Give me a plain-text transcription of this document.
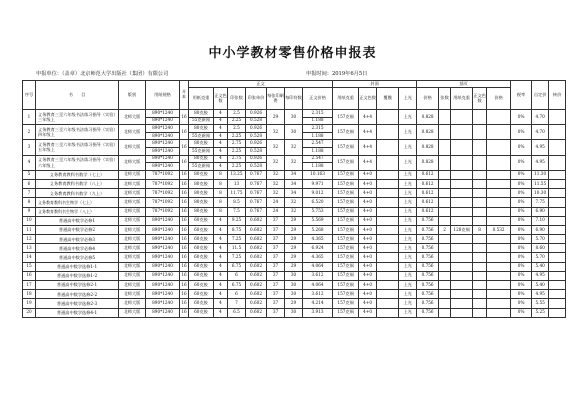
中小学教材零售价格申报表
申报单位：（盖章）北京师范大学出版社（集团）有限公司	申报时间：2019年6月5日
序号	书　　目	版别	用纸规格	开本	正文							封面				插页					税率	自定价	核价
					用纸克重	正文色数	印张数	印张单价	每张印刷费	每印符数	正文价格	用纸克重	正文色数	覆膜	上光	价格	张数	用纸克重	正文色数	价格			
1	义务教育三至六年级书法练习指导（实验）三年级上	北师大版	890*1240	16	80克胶	4	2.5	0.926	29	30	2.315	157克铜	4+4		上光	0.828					0%	4.70	
			890*1240		55克新闻	4	2.25	0.528			1.188												
2	义务教育三至六年级书法练习指导（实验）四年级上	北师大版	890*1240	16	80克胶	4	2.5	0.926	32	30	2.315	157克铜	4+4		上光	0.828					0%	4.70	
			890*1240		55克新闻	4	2.25	0.528			1.188												
3	义务教育三至六年级书法练习指导（实验）五年级上	北师大版	890*1240	16	80克胶	4	2.75	0.926	32	32	2.547	157克铜	4+4		上光	0.828					0%	4.95	
			890*1240		55克新闻	4	2.25	0.528			1.188												
4	义务教育三至六年级书法练习指导（实验）六年级上	北师大版	890*1240	16	80克胶	4	2.75	0.926	32	32	2.547	157克铜	4+4		上光	0.828					0%	4.95	
			890*1240		55克新闻	4	2.25	0.528			1.188												
5	义务教育教科书数学（七上）	北师大版	787*1092	16	80克胶	8	13.25	0.767	32	34	10.163	157克铜	4+0		上光	0.612					0%	11.30	
6	义务教育教科书数学（八上）	北师大版	787*1092	16	80克胶	8	13	0.767	32	34	9.971	157克铜	4+0		上光	0.612					0%	11.55	
7	义务教育教科书数学（九上）	北师大版	787*1092	16	80克胶	8	11.75	0.767	32	34	9.012	157克铜	4+0		上光	0.612					0%	10.30	
8	义务教育教科书生物学（七上）	北师大版	787*1092	16	80克胶	8	8.5	0.767	24	32	6.520	157克铜	4+0		上光	0.612					0%	7.75	
9	义务教育教科书生物学（八上）	北师大版	787*1092	16	80克胶	8	7.5	0.767	24	32	5.753	157克铜	4+0		上光	0.612					0%	6.90	
10	普通高中数学必修1	北师大版	890*1240	16	60克胶	4	9.25	0.602	37	29	5.569	157克铜	4+0		上光	0.756					0%	7.10	
11	普通高中数学必修2	北师大版	890*1240	16	60克胶	4	8.75	0.602	37	29	5.268	157克铜	4+0		上光	0.756	2	128克铜	8	0.532	0%	6.90	
12	普通高中数学必修3	北师大版	890*1240	16	60克胶	4	7.25	0.602	37	29	4.365	157克铜	4+0		上光	0.756					0%	5.70	
13	普通高中数学必修4	北师大版	890*1240	16	60克胶	4	11.5	0.602	37	29	6.924	157克铜	4+0		上光	0.756					0%	8.60	
14	普通高中数学必修5	北师大版	890*1240	16	60克胶	4	7.25	0.602	37	29	4.365	157克铜	4+0		上光	0.756					0%	5.70	
15	普通高中数学选修1-1	北师大版	890*1240	16	60克胶	4	6.75	0.602	37	29	4.064	157克铜	4+0		上光	0.756					0%	5.40	
16	普通高中数学选修1-2	北师大版	890*1240	16	60克胶	4	6	0.602	37	30	3.612	157克铜	4+0		上光	0.756					0%	4.95	
17	普通高中数学选修2-1	北师大版	890*1240	16	60克胶	4	6.75	0.602	37	30	4.064	157克铜	4+0		上光	0.756					0%	5.40	
18	普通高中数学选修2-2	北师大版	890*1240	16	60克胶	4	6	0.602	37	30	3.612	157克铜	4+0		上光	0.756					0%	4.95	
19	普通高中数学选修2-3	北师大版	890*1240	16	60克胶	4	7	0.602	37	29	4.214	157克铜	4+0		上光	0.756					0%	5.55	
20	普通高中数学选修4-1	北师大版	890*1240	16	60克胶	4	6.5	0.602	37	30	3.913	157克铜	4+0		上光	0.756					0%	5.25	
